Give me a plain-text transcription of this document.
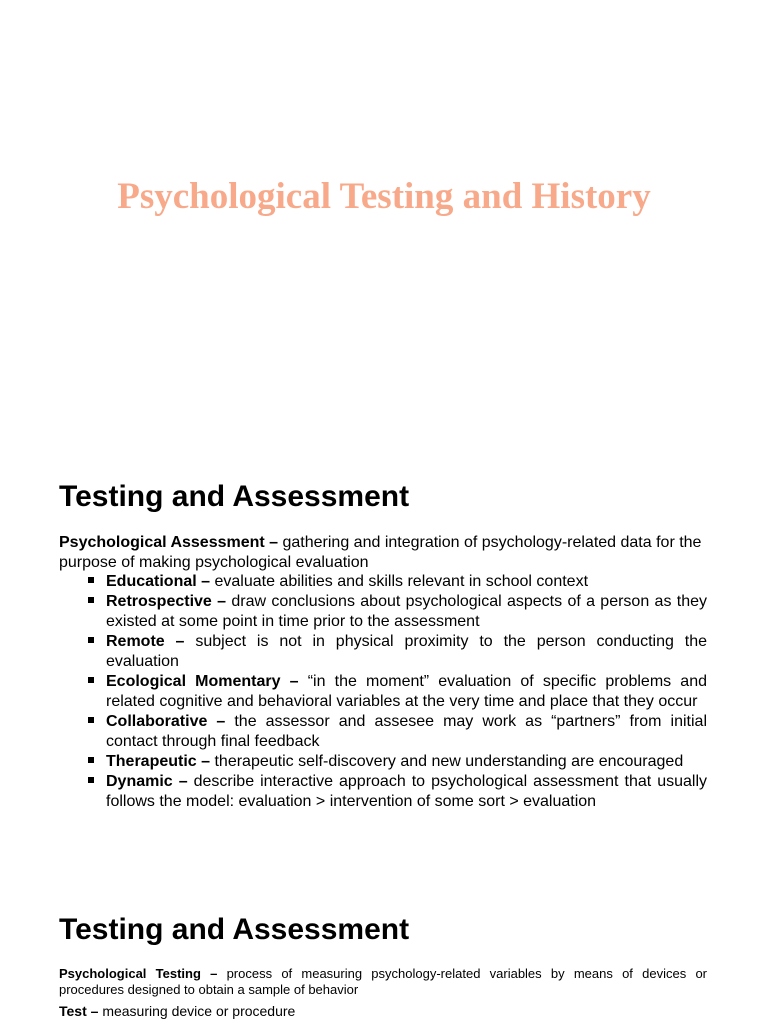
Psychological Testing and History
Testing and Assessment
Psychological Assessment – gathering and integration of psychology-related data for the purpose of making psychological evaluation
Educational – evaluate abilities and skills relevant in school context
Retrospective – draw conclusions about psychological aspects of a person as they existed at some point in time prior to the assessment
Remote – subject is not in physical proximity to the person conducting the evaluation
Ecological Momentary – “in the moment” evaluation of specific problems and related cognitive and behavioral variables at the very time and place that they occur
Collaborative – the assessor and assesee may work as “partners” from initial contact through final feedback
Therapeutic – therapeutic self-discovery and new understanding are encouraged
Dynamic – describe interactive approach to psychological assessment that usually follows the model: evaluation > intervention of some sort > evaluation
Testing and Assessment
Psychological Testing – process of measuring psychology-related variables by means of devices or procedures designed to obtain a sample of behavior
Test – measuring device or procedure
